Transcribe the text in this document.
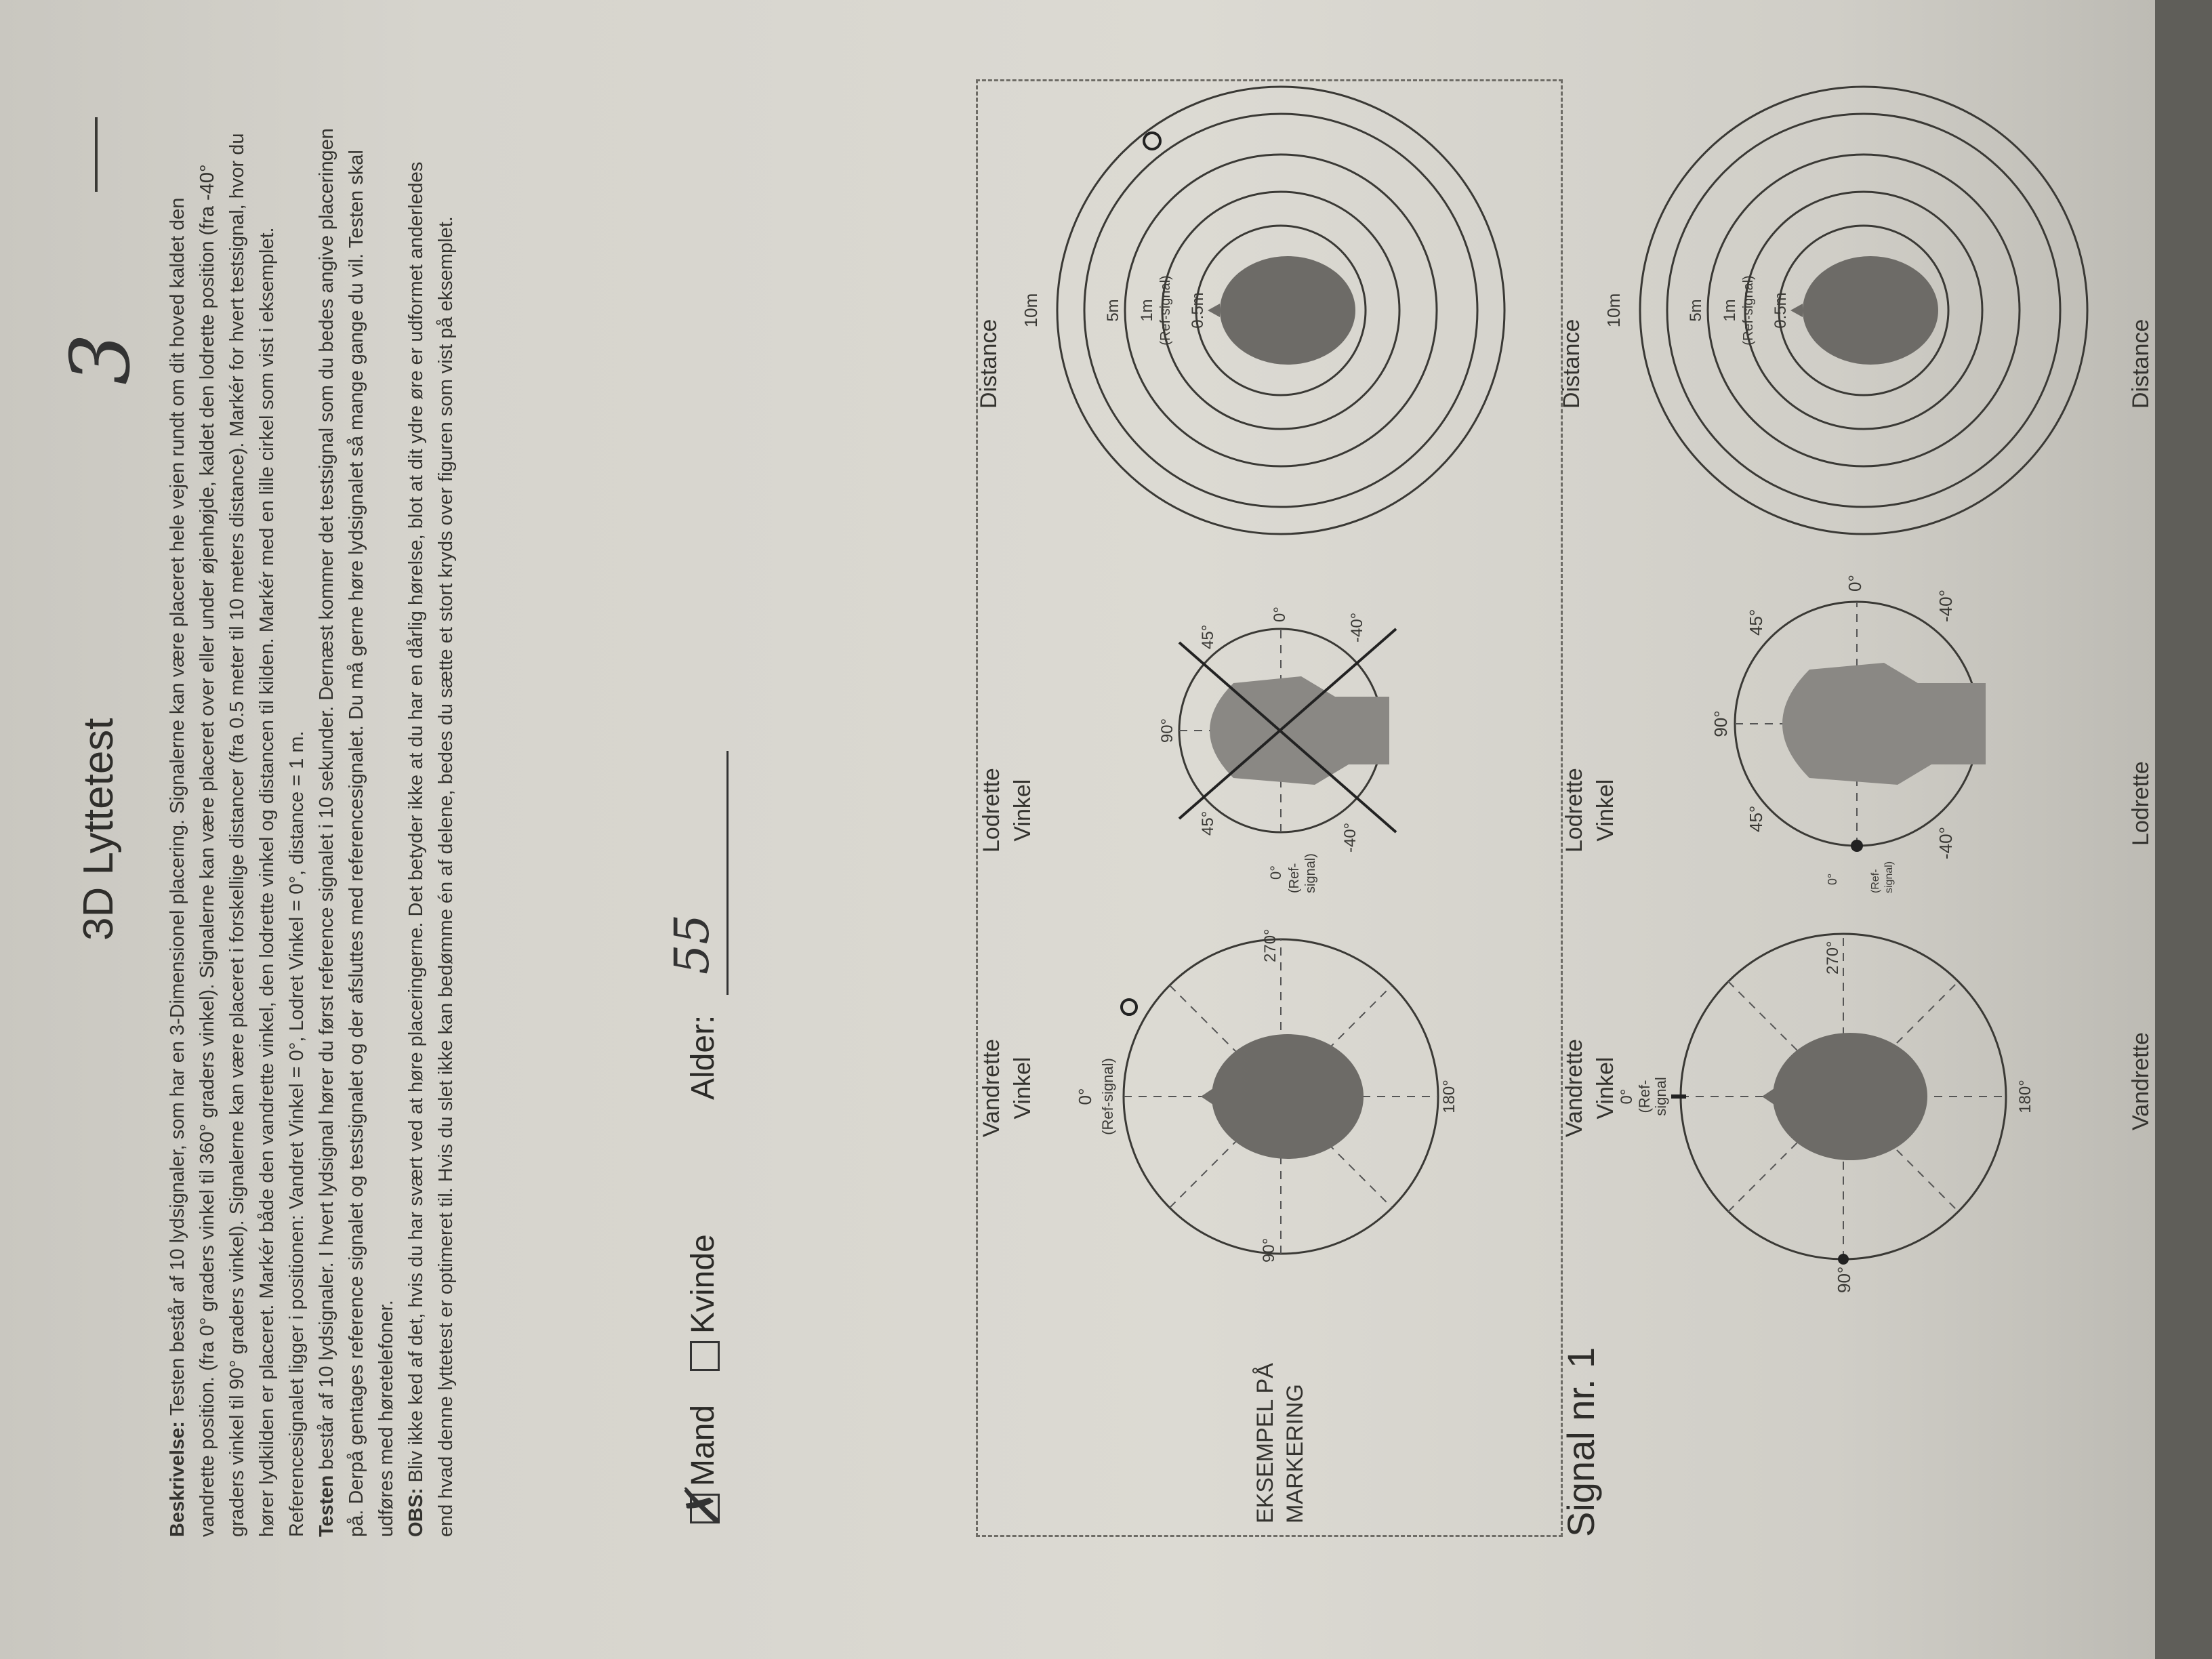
3D Lyttetest
3

Beskrivelse: Testen består af 10 lydsignaler, som har en 3-Dimensionel placering. Signalerne kan være placeret hele vejen rundt om dit hoved kaldet den vandrette position. (fra 0° graders vinkel til 360° graders vinkel). Signalerne kan være placeret over eller under øjenhøjde, kaldet den lodrette position (fra -40° graders vinkel til 90° graders vinkel). Signalerne kan være placeret i forskellige distancer (fra 0.5 meter til 10 meters distance). Markér for hvert testsignal, hvor du hører lydkilden er placeret. Markér både den vandrette vinkel, den lodrette vinkel og distancen til kilden. Markér med en lille cirkel som vist i eksemplet. Referencesignalet ligger i positionen: Vandret Vinkel = 0°, Lodret Vinkel = 0°, distance = 1 m. Testen består af 10 lydsignaler. I hvert lydsignal hører du først reference signalet i 10 sekunder. Dernæst kommer det testsignal som du bedes angive placeringen på. Derpå gentages reference signalet og testsignalet og der afsluttes med referencesignalet. Du må gerne høre lydsignalet så mange gange du vil. Testen skal udføres med høretelefoner. OBS: Bliv ikke ked af det, hvis du har svært ved at høre placeringerne. Det betyder ikke at du har en dårlig hørelse, blot at dit ydre øre er udformet anderledes end hvad denne lyttetest er optimeret til. Hvis du slet ikke kan bedømme én af delene, bedes du sætte et stort kryds over figuren som vist på eksemplet.	✗
Mand
Kvinde
Alder:
55
EKSEMPEL PÅ MARKERING
Vandrette Vinkel 0° (Ref-signal)
90°
270°
180°
Lodrette Vinkel
90°
45°
45°
0°
-40°
-40°
0° (Ref- signal)
Distance
10m	5m 1m (Ref-signal) 0.5m
Signal nr. 1
Vandrette Vinkel 0° (Ref- signal
270°
180°
90°
Lodrette Vinkel
90°
45°
45°
0°
-40°
-40°
0°	(Ref- signal)
Distance
10m	5m 1m (Ref-signal) 0.5m
Vandrette
Lodrette
Distance
